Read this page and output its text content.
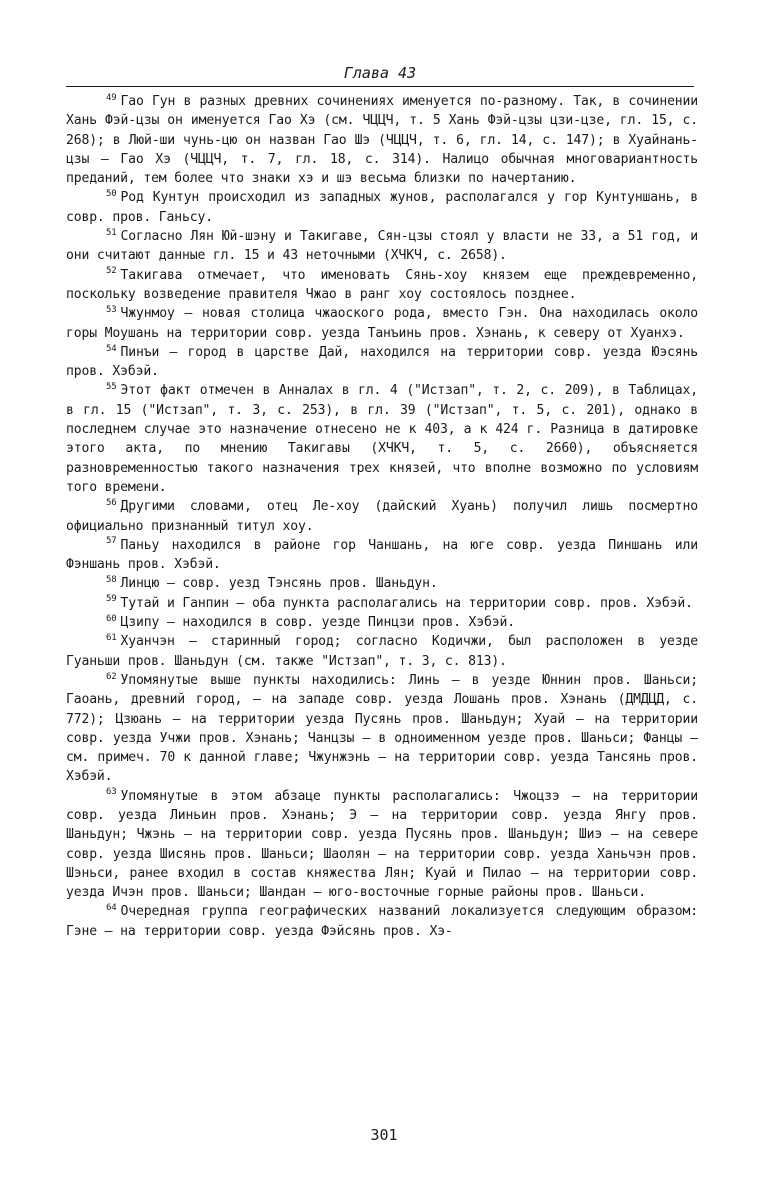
Глава 43

$^{49}$ Гао Гун в разных древних сочинениях именуется по-разному. Так, в сочинении Хань Фэй-цзы он именуется Гао Хэ (см. ЧЦЦЧ, т. 5 Хань Фэй-цзы цзи-цзе, гл. 15, с. 268); в Люй-ши чунь-цю он назван Гао Шэ (ЧЦЦЧ, т. 6, гл. 14, с. 147); в Хуайнань-цзы — Гао Хэ (ЧЦЦЧ, т. 7, гл. 18, с. 314). Налицо обычная многовариантность преданий, тем более что знаки хэ и шэ весьма близки по начертанию.

$^{50}$ Род Кунтун происходил из западных жунов, располагался у гор Кунтуншань, в совр. пров. Ганьсу.

$^{51}$ Согласно Лян Юй-шэну и Такигаве, Сян-цзы стоял у власти не 33, а 51 год, и они считают данные гл. 15 и 43 неточными (ХЧКЧ, с. 2658).

$^{52}$ Такигава отмечает, что именовать Сянь-хоу князем еще преждевременно, поскольку возведение правителя Чжао в ранг хоу состоялось позднее.

$^{53}$ Чжунмоу — новая столица чжаоского рода, вместо Гэн. Она находилась около горы Моушань на территории совр. уезда Танъинь пров. Хэнань, к северу от Хуанхэ.

$^{54}$ Пинъи — город в царстве Дай, находился на территории совр. уезда Юэсянь пров. Хэбэй.

$^{55}$ Этот факт отмечен в Анналах в гл. 4 ("Истзап", т. 2, с. 209), в Таблицах, в гл. 15 ("Истзап", т. 3, с. 253), в гл. 39 ("Истзап", т. 5, с. 201), однако в последнем случае это назначение отнесено не к 403, а к 424 г. Разница в датировке этого акта, по мнению Такигавы (ХЧКЧ, т. 5, с. 2660), объясняется разновременностью такого назначения трех князей, что вполне возможно по условиям того времени.

$^{56}$ Другими словами, отец Ле-хоу (дайский Хуань) получил лишь посмертно официально признанный титул хоу.

$^{57}$ Паньу находился в районе гор Чаншань, на юге совр. уезда Пиншань или Фэншань пров. Хэбэй.

$^{58}$ Линцю — совр. уезд Тэнсянь пров. Шаньдун.

$^{59}$ Тутай и Ганпин — оба пункта располагались на территории совр. пров. Хэбэй.

$^{60}$ Цзипу — находился в совр. уезде Пинцзи пров. Хэбэй.

$^{61}$ Хуанчэн — старинный город; согласно Кодичжи, был расположен в уезде Гуаньши пров. Шаньдун (см. также "Истзап", т. 3, с. 813).

$^{62}$ Упомянутые выше пункты находились: Линь — в уезде Юннин пров. Шаньси; Гаоань, древний город, — на западе совр. уезда Лошань пров. Хэнань (ДМДЦД, с. 772); Цзюань — на территории уезда Пусянь пров. Шаньдун; Хуай — на территории совр. уезда Учжи пров. Хэнань; Чанцзы — в одноименном уезде пров. Шаньси; Фанцы — см. примеч. 70 к данной главе; Чжунжэнь — на территории совр. уезда Тансянь пров. Хэбэй.

$^{63}$ Упомянутые в этом абзаце пункты располагались: Чжоцзэ — на территории совр. уезда Линьин пров. Хэнань; Э — на территории совр. уезда Янгу пров. Шаньдун; Чжэнь — на территории совр. уезда Пусянь пров. Шаньдун; Шиэ — на севере совр. уезда Шисянь пров. Шаньси; Шаолян — на территории совр. уезда Ханьчэн пров. Шэньси, ранее входил в состав княжества Лян; Куай и Пилао — на территории совр. уезда Ичэн пров. Шаньси; Шандан — юго-восточные горные районы пров. Шаньси.

$^{64}$ Очередная группа географических названий локализуется следующим образом: Гэне — на территории совр. уезда Фэйсянь пров. Хэ-

301
